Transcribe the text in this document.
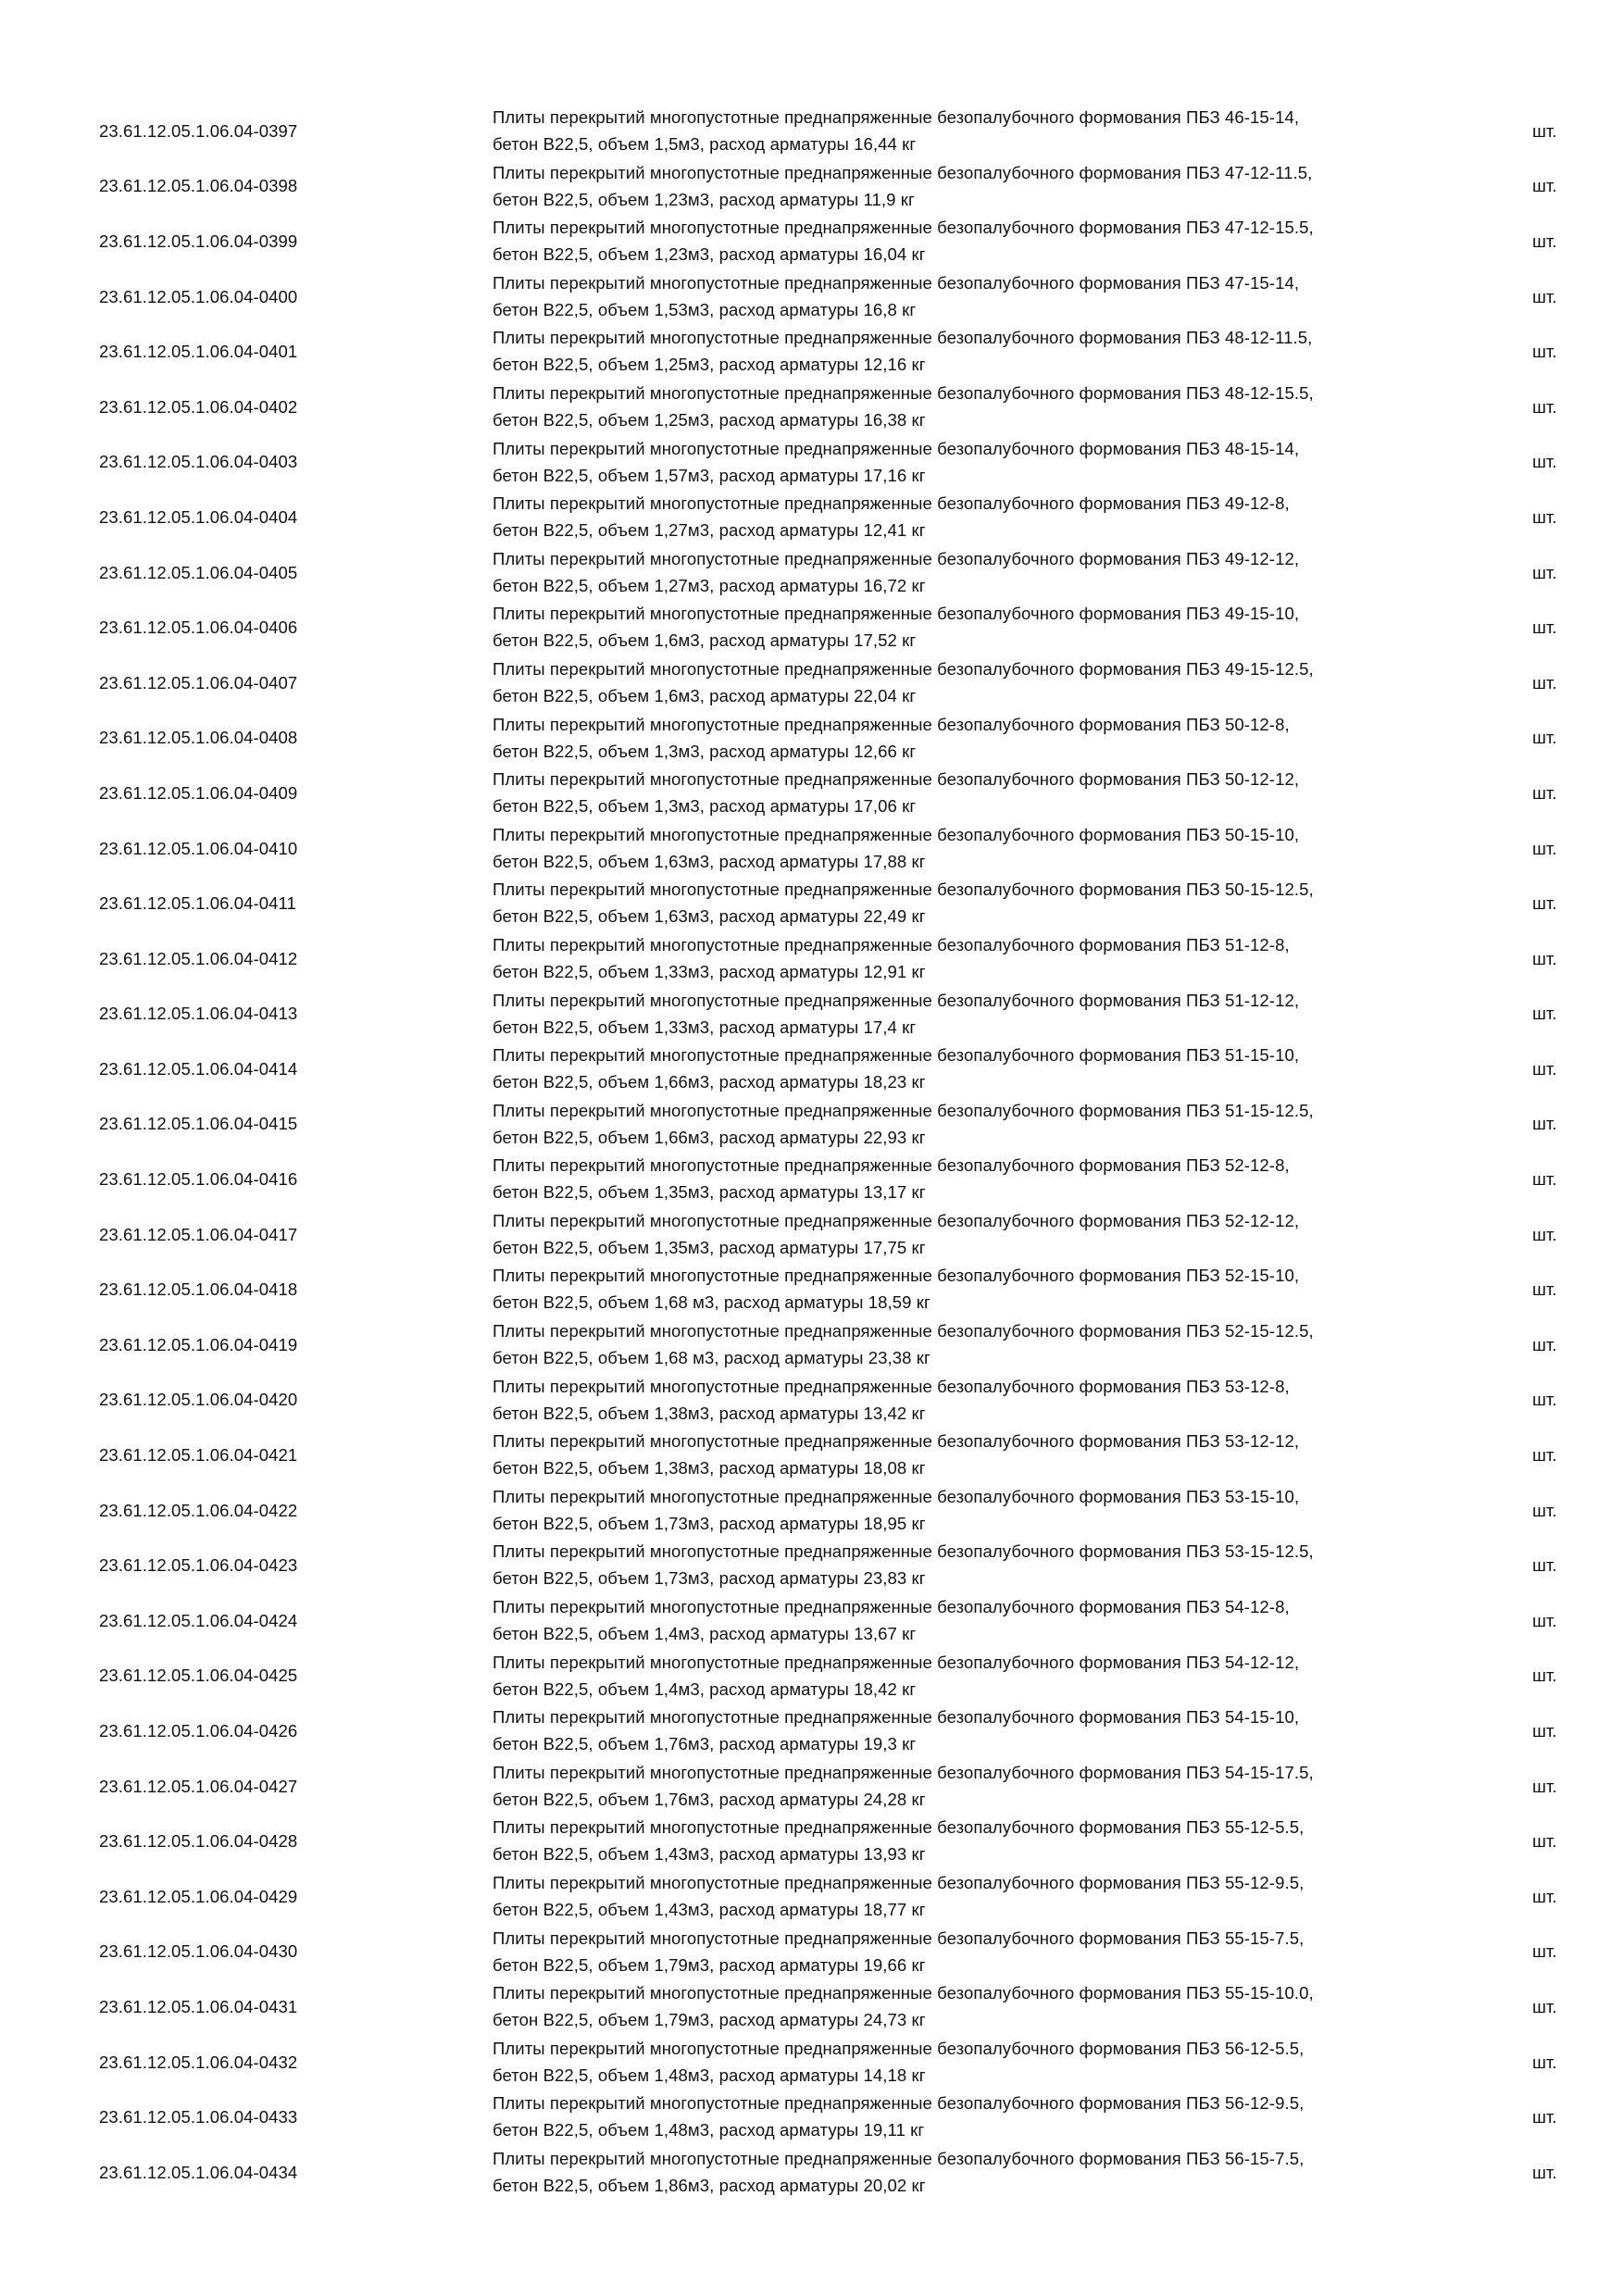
23.61.12.05.1.06.04-0397
Плиты перекрытий многопустотные преднапряженные безопалубочного формования ПБЗ 46-15-14,
бетон В22,5, объем 1,5м3, расход арматуры 16,44 кг
шт.
23.61.12.05.1.06.04-0398
Плиты перекрытий многопустотные преднапряженные безопалубочного формования ПБЗ 47-12-11.5,
бетон В22,5, объем 1,23м3, расход арматуры 11,9 кг
шт.
23.61.12.05.1.06.04-0399
Плиты перекрытий многопустотные преднапряженные безопалубочного формования ПБЗ 47-12-15.5,
бетон В22,5, объем 1,23м3, расход арматуры 16,04 кг
шт.
23.61.12.05.1.06.04-0400
Плиты перекрытий многопустотные преднапряженные безопалубочного формования ПБЗ 47-15-14,
бетон В22,5, объем 1,53м3, расход арматуры 16,8 кг
шт.
23.61.12.05.1.06.04-0401
Плиты перекрытий многопустотные преднапряженные безопалубочного формования ПБЗ 48-12-11.5,
бетон В22,5, объем 1,25м3, расход арматуры 12,16 кг
шт.
23.61.12.05.1.06.04-0402
Плиты перекрытий многопустотные преднапряженные безопалубочного формования ПБЗ 48-12-15.5,
бетон В22,5, объем 1,25м3, расход арматуры 16,38 кг
шт.
23.61.12.05.1.06.04-0403
Плиты перекрытий многопустотные преднапряженные безопалубочного формования ПБЗ 48-15-14,
бетон В22,5, объем 1,57м3, расход арматуры 17,16 кг
шт.
23.61.12.05.1.06.04-0404
Плиты перекрытий многопустотные преднапряженные безопалубочного формования ПБЗ 49-12-8,
бетон В22,5, объем 1,27м3, расход арматуры 12,41 кг
шт.
23.61.12.05.1.06.04-0405
Плиты перекрытий многопустотные преднапряженные безопалубочного формования ПБЗ 49-12-12,
бетон В22,5, объем 1,27м3, расход арматуры 16,72 кг
шт.
23.61.12.05.1.06.04-0406
Плиты перекрытий многопустотные преднапряженные безопалубочного формования ПБЗ 49-15-10,
бетон В22,5, объем 1,6м3, расход арматуры 17,52 кг
шт.
23.61.12.05.1.06.04-0407
Плиты перекрытий многопустотные преднапряженные безопалубочного формования ПБЗ 49-15-12.5,
бетон В22,5, объем 1,6м3, расход арматуры 22,04 кг
шт.
23.61.12.05.1.06.04-0408
Плиты перекрытий многопустотные преднапряженные безопалубочного формования ПБЗ 50-12-8,
бетон В22,5, объем 1,3м3, расход арматуры 12,66 кг
шт.
23.61.12.05.1.06.04-0409
Плиты перекрытий многопустотные преднапряженные безопалубочного формования ПБЗ 50-12-12,
бетон В22,5, объем 1,3м3, расход арматуры 17,06 кг
шт.
23.61.12.05.1.06.04-0410
Плиты перекрытий многопустотные преднапряженные безопалубочного формования ПБЗ 50-15-10,
бетон В22,5, объем 1,63м3, расход арматуры 17,88 кг
шт.
23.61.12.05.1.06.04-0411
Плиты перекрытий многопустотные преднапряженные безопалубочного формования ПБЗ 50-15-12.5,
бетон В22,5, объем 1,63м3, расход арматуры 22,49 кг
шт.
23.61.12.05.1.06.04-0412
Плиты перекрытий многопустотные преднапряженные безопалубочного формования ПБЗ 51-12-8,
бетон В22,5, объем 1,33м3, расход арматуры 12,91 кг
шт.
23.61.12.05.1.06.04-0413
Плиты перекрытий многопустотные преднапряженные безопалубочного формования ПБЗ 51-12-12,
бетон В22,5, объем 1,33м3, расход арматуры 17,4 кг
шт.
23.61.12.05.1.06.04-0414
Плиты перекрытий многопустотные преднапряженные безопалубочного формования ПБЗ 51-15-10,
бетон В22,5, объем 1,66м3, расход арматуры 18,23 кг
шт.
23.61.12.05.1.06.04-0415
Плиты перекрытий многопустотные преднапряженные безопалубочного формования ПБЗ 51-15-12.5,
бетон В22,5, объем 1,66м3, расход арматуры 22,93 кг
шт.
23.61.12.05.1.06.04-0416
Плиты перекрытий многопустотные преднапряженные безопалубочного формования ПБЗ 52-12-8,
бетон В22,5, объем 1,35м3, расход арматуры 13,17 кг
шт.
23.61.12.05.1.06.04-0417
Плиты перекрытий многопустотные преднапряженные безопалубочного формования ПБЗ 52-12-12,
бетон В22,5, объем 1,35м3, расход арматуры 17,75 кг
шт.
23.61.12.05.1.06.04-0418
Плиты перекрытий многопустотные преднапряженные безопалубочного формования ПБЗ 52-15-10,
бетон В22,5, объем 1,68 м3, расход арматуры 18,59 кг
шт.
23.61.12.05.1.06.04-0419
Плиты перекрытий многопустотные преднапряженные безопалубочного формования ПБЗ 52-15-12.5,
бетон В22,5, объем 1,68 м3, расход арматуры 23,38 кг
шт.
23.61.12.05.1.06.04-0420
Плиты перекрытий многопустотные преднапряженные безопалубочного формования ПБЗ 53-12-8,
бетон В22,5, объем 1,38м3, расход арматуры 13,42 кг
шт.
23.61.12.05.1.06.04-0421
Плиты перекрытий многопустотные преднапряженные безопалубочного формования ПБЗ 53-12-12,
бетон В22,5, объем 1,38м3, расход арматуры 18,08 кг
шт.
23.61.12.05.1.06.04-0422
Плиты перекрытий многопустотные преднапряженные безопалубочного формования ПБЗ 53-15-10,
бетон В22,5, объем 1,73м3, расход арматуры 18,95 кг
шт.
23.61.12.05.1.06.04-0423
Плиты перекрытий многопустотные преднапряженные безопалубочного формования ПБЗ 53-15-12.5,
бетон В22,5, объем 1,73м3, расход арматуры 23,83 кг
шт.
23.61.12.05.1.06.04-0424
Плиты перекрытий многопустотные преднапряженные безопалубочного формования ПБЗ 54-12-8,
бетон В22,5, объем 1,4м3, расход арматуры 13,67 кг
шт.
23.61.12.05.1.06.04-0425
Плиты перекрытий многопустотные преднапряженные безопалубочного формования ПБЗ 54-12-12,
бетон В22,5, объем 1,4м3, расход арматуры 18,42 кг
шт.
23.61.12.05.1.06.04-0426
Плиты перекрытий многопустотные преднапряженные безопалубочного формования ПБЗ 54-15-10,
бетон В22,5, объем 1,76м3, расход арматуры 19,3 кг
шт.
23.61.12.05.1.06.04-0427
Плиты перекрытий многопустотные преднапряженные безопалубочного формования ПБЗ 54-15-17.5,
бетон В22,5, объем 1,76м3, расход арматуры 24,28 кг
шт.
23.61.12.05.1.06.04-0428
Плиты перекрытий многопустотные преднапряженные безопалубочного формования ПБЗ 55-12-5.5,
бетон В22,5, объем 1,43м3, расход арматуры 13,93 кг
шт.
23.61.12.05.1.06.04-0429
Плиты перекрытий многопустотные преднапряженные безопалубочного формования ПБЗ 55-12-9.5,
бетон В22,5, объем 1,43м3, расход арматуры 18,77 кг
шт.
23.61.12.05.1.06.04-0430
Плиты перекрытий многопустотные преднапряженные безопалубочного формования ПБЗ 55-15-7.5,
бетон В22,5, объем 1,79м3, расход арматуры 19,66 кг
шт.
23.61.12.05.1.06.04-0431
Плиты перекрытий многопустотные преднапряженные безопалубочного формования ПБЗ 55-15-10.0,
бетон В22,5, объем 1,79м3, расход арматуры 24,73 кг
шт.
23.61.12.05.1.06.04-0432
Плиты перекрытий многопустотные преднапряженные безопалубочного формования ПБЗ 56-12-5.5,
бетон В22,5, объем 1,48м3, расход арматуры 14,18 кг
шт.
23.61.12.05.1.06.04-0433
Плиты перекрытий многопустотные преднапряженные безопалубочного формования ПБЗ 56-12-9.5,
бетон В22,5, объем 1,48м3, расход арматуры 19,11 кг
шт.
23.61.12.05.1.06.04-0434
Плиты перекрытий многопустотные преднапряженные безопалубочного формования ПБЗ 56-15-7.5,
бетон В22,5, объем 1,86м3, расход арматуры 20,02 кг
шт.
